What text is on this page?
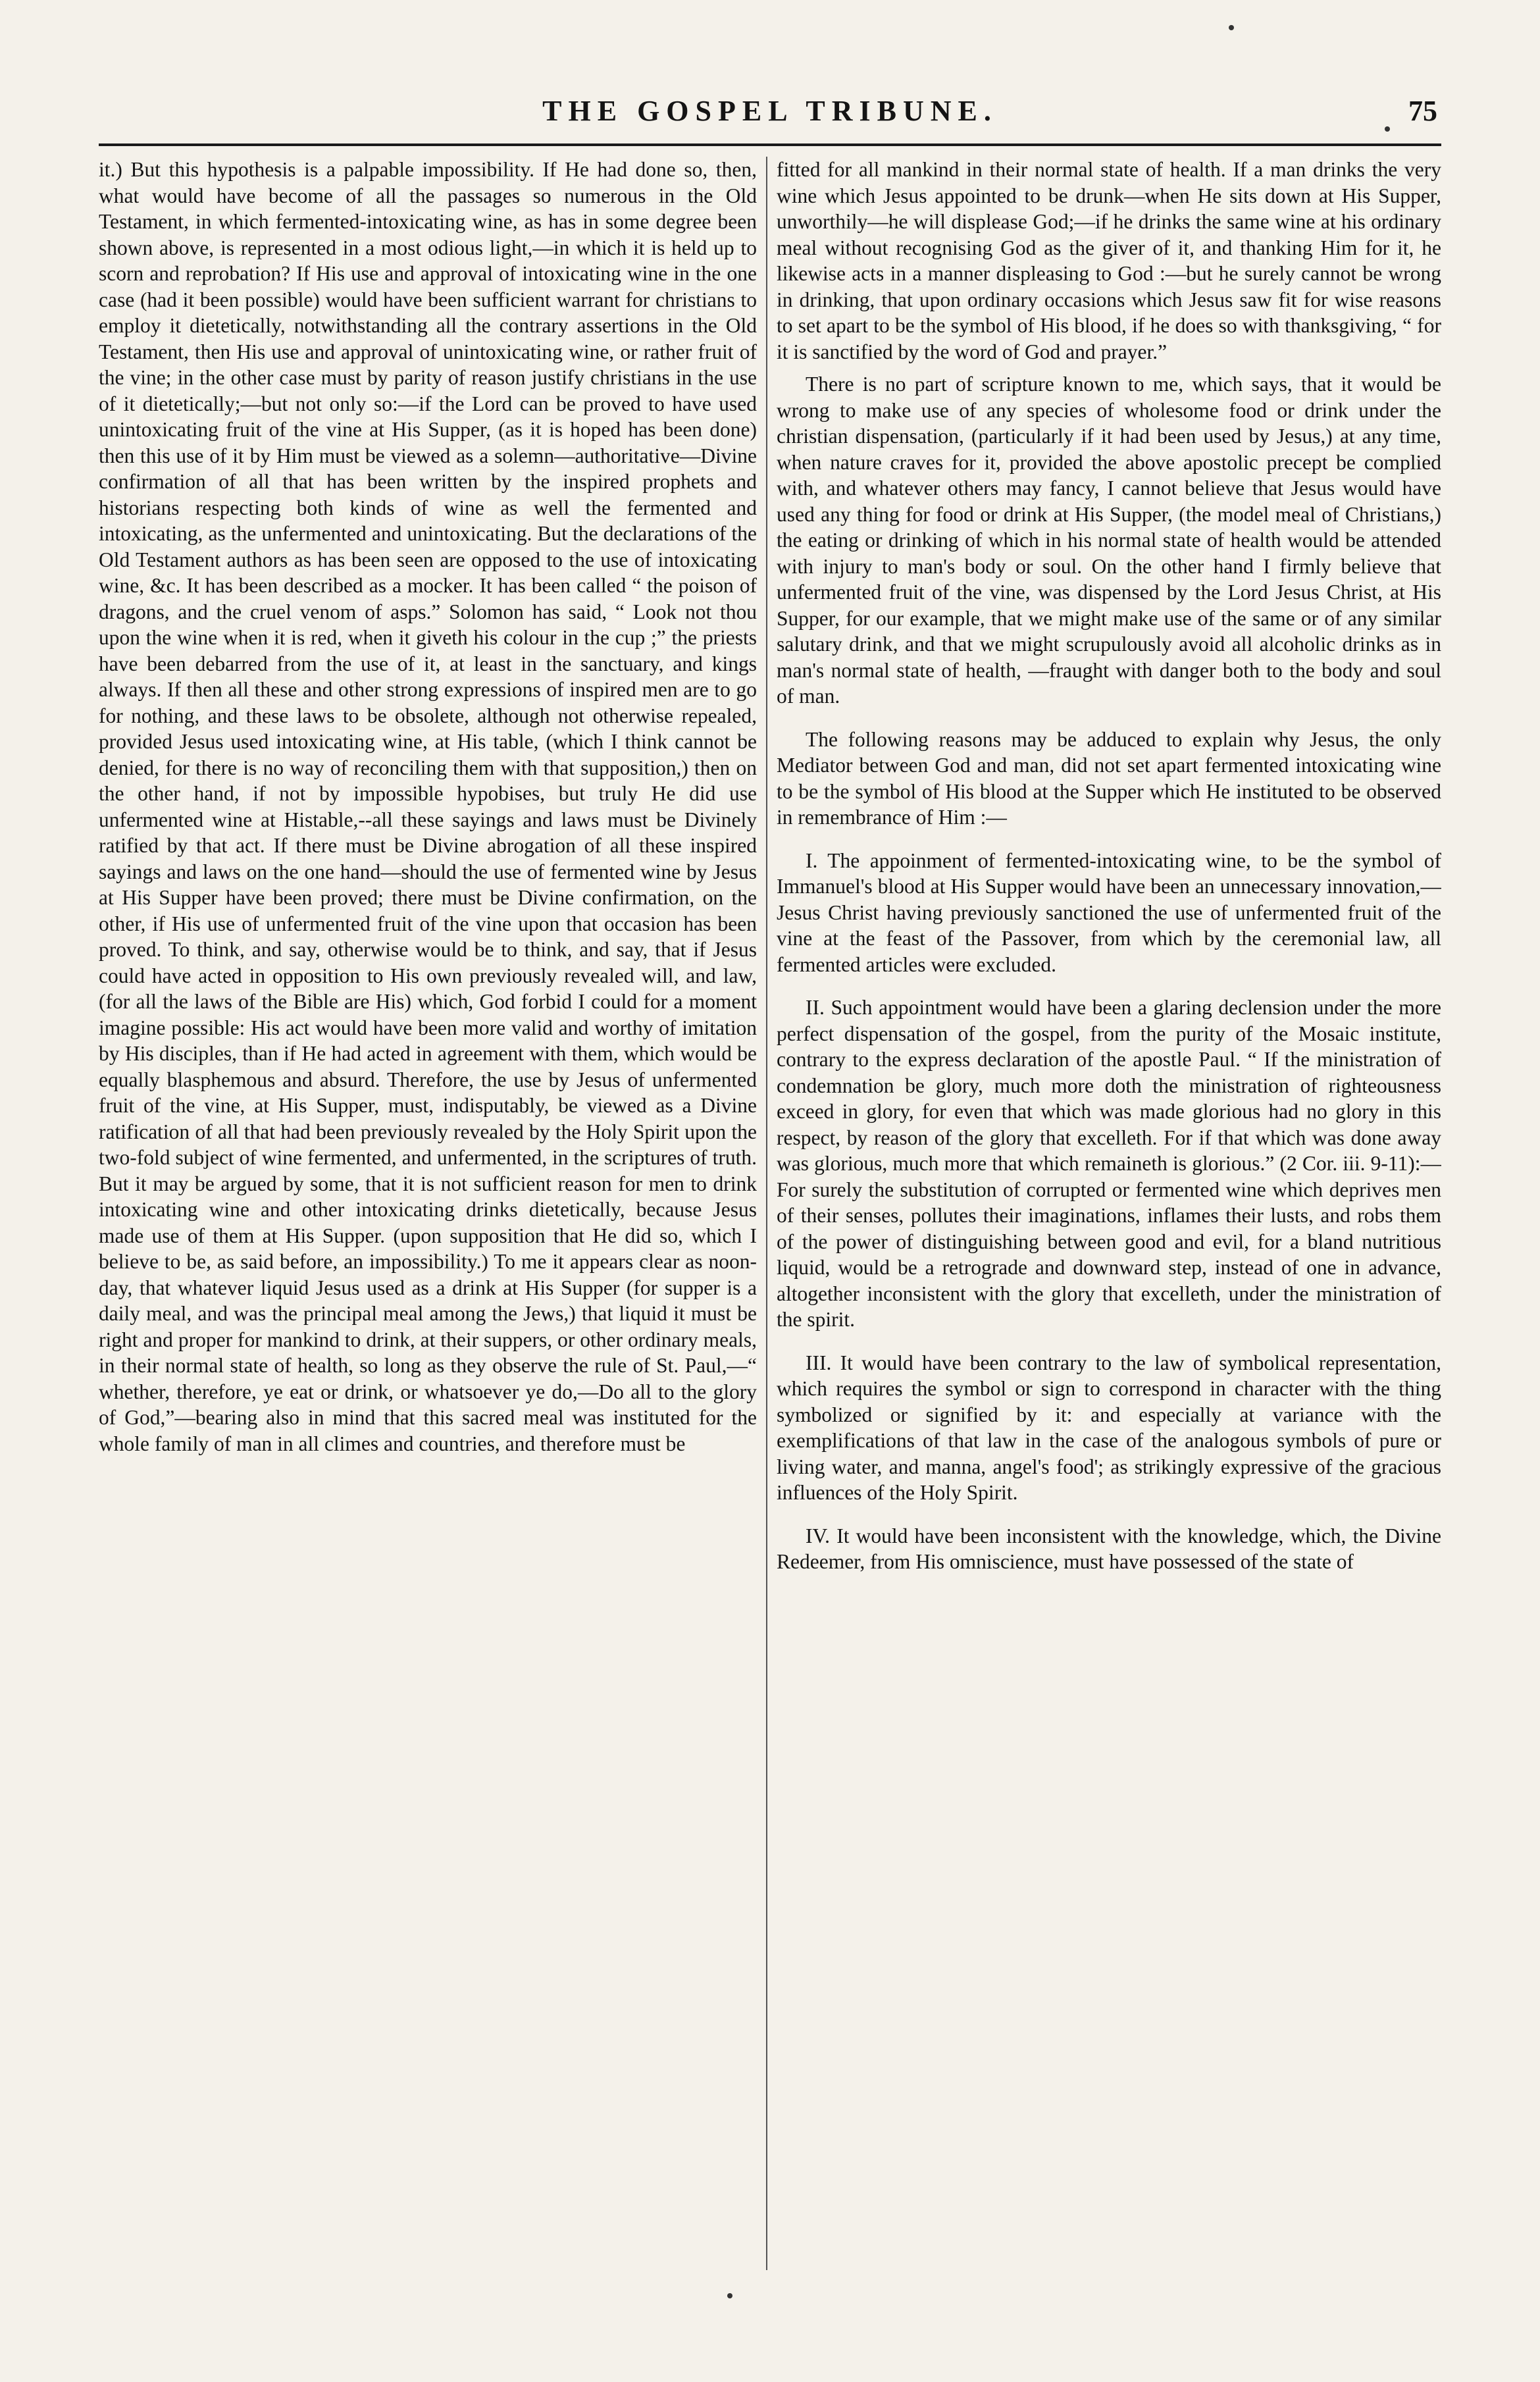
THE GOSPEL TRIBUNE.	75

it.) But this hypothesis is a palpable impossibility. If He had done so, then, what would have become of all the passages so numerous in the Old Testament, in which fermented-intoxicating wine, as has in some degree been shown above, is represented in a most odious light,—in which it is held up to scorn and reprobation? If His use and approval of intoxicating wine in the one case (had it been possible) would have been sufficient warrant for christians to employ it dietetically, notwithstanding all the contrary assertions in the Old Testament, then His use and approval of unintoxicating wine, or rather fruit of the vine; in the other case must by parity of reason justify christians in the use of it dietetically;—but not only so:—if the Lord can be proved to have used unintoxicating fruit of the vine at His Supper, (as it is hoped has been done) then this use of it by Him must be viewed as a solemn—authoritative—Divine confirmation of all that has been written by the inspired prophets and historians respecting both kinds of wine as well the fermented and intoxicating, as the unfermented and unintoxicating. But the declarations of the Old Testament authors as has been seen are opposed to the use of intoxicating wine, &c. It has been described as a mocker. It has been called “ the poison of dragons, and the cruel venom of asps.” Solomon has said, “ Look not thou upon the wine when it is red, when it giveth his colour in the cup ;” the priests have been debarred from the use of it, at least in the sanctuary, and kings always. If then all these and other strong expressions of inspired men are to go for nothing, and these laws to be obsolete, although not otherwise repealed, provided Jesus used intoxicating wine, at His table, (which I think cannot be denied, for there is no way of reconciling them with that supposition,) then on the other hand, if not by impossible hypobises, but truly He did use unfermented wine at Histable,--all these sayings and laws must be Divinely ratified by that act. If there must be Divine abrogation of all these inspired sayings and laws on the one hand—should the use of fermented wine by Jesus at His Supper have been proved; there must be Divine confirmation, on the other, if His use of unfermented fruit of the vine upon that occasion has been proved. To think, and say, otherwise would be to think, and say, that if Jesus could have acted in opposition to His own previously revealed will, and law, (for all the laws of the Bible are His) which, God forbid I could for a moment imagine possible: His act would have been more valid and worthy of imitation by His disciples, than if He had acted in agreement with them, which would be equally blasphemous and absurd. Therefore, the use by Jesus of unfermented fruit of the vine, at His Supper, must, indisputably, be viewed as a Divine ratification of all that had been previously revealed by the Holy Spirit upon the two-fold subject of wine fermented, and unfermented, in the scriptures of truth. But it may be argued by some, that it is not sufficient reason for men to drink intoxicating wine and other intoxicating drinks dietetically, because Jesus made use of them at His Supper. (upon supposition that He did so, which I believe to be, as said before, an impossibility.) To me it appears clear as noon-day, that whatever liquid Jesus used as a drink at His Supper (for supper is a daily meal, and was the principal meal among the Jews,) that liquid it must be right and proper for mankind to drink, at their suppers, or other ordinary meals, in their normal state of health, so long as they observe the rule of St. Paul,—“ whether, therefore, ye eat or drink, or whatsoever ye do,—Do all to the glory of God,”—bearing also in mind that this sacred meal was instituted for the whole family of man in all climes and countries, and therefore must be

fitted for all mankind in their normal state of health. If a man drinks the very wine which Jesus appointed to be drunk—when He sits down at His Supper, unworthily—he will displease God;—if he drinks the same wine at his ordinary meal without recognising God as the giver of it, and thanking Him for it, he likewise acts in a manner displeasing to God :—but he surely cannot be wrong in drinking, that upon ordinary occasions which Jesus saw fit for wise reasons to set apart to be the symbol of His blood, if he does so with thanksgiving, “ for it is sanctified by the word of God and prayer.”

There is no part of scripture known to me, which says, that it would be wrong to make use of any species of wholesome food or drink under the christian dispensation, (particularly if it had been used by Jesus,) at any time, when nature craves for it, provided the above apostolic precept be complied with, and whatever others may fancy, I cannot believe that Jesus would have used any thing for food or drink at His Supper, (the model meal of Christians,) the eating or drinking of which in his normal state of health would be attended with injury to man's body or soul. On the other hand I firmly believe that unfermented fruit of the vine, was dispensed by the Lord Jesus Christ, at His Supper, for our example, that we might make use of the same or of any similar salutary drink, and that we might scrupulously avoid all alcoholic drinks as in man's normal state of health, —fraught with danger both to the body and soul of man.

The following reasons may be adduced to explain why Jesus, the only Mediator between God and man, did not set apart fermented intoxicating wine to be the symbol of His blood at the Supper which He instituted to be observed in remembrance of Him :—

I. The appoinment of fermented-intoxicating wine, to be the symbol of Immanuel's blood at His Supper would have been an unnecessary innovation,—Jesus Christ having previously sanctioned the use of unfermented fruit of the vine at the feast of the Passover, from which by the ceremonial law, all fermented articles were excluded.

II. Such appointment would have been a glaring declension under the more perfect dispensation of the gospel, from the purity of the Mosaic institute, contrary to the express declaration of the apostle Paul. “ If the ministration of condemnation be glory, much more doth the ministration of righteousness exceed in glory, for even that which was made glorious had no glory in this respect, by reason of the glory that excelleth. For if that which was done away was glorious, much more that which remaineth is glorious.” (2 Cor. iii. 9-11):—For surely the substitution of corrupted or fermented wine which deprives men of their senses, pollutes their imaginations, inflames their lusts, and robs them of the power of distinguishing between good and evil, for a bland nutritious liquid, would be a retrograde and downward step, instead of one in advance, altogether inconsistent with the glory that excelleth, under the ministration of the spirit.

III. It would have been contrary to the law of symbolical representation, which requires the symbol or sign to correspond in character with the thing symbolized or signified by it: and especially at variance with the exemplifications of that law in the case of the analogous symbols of pure or living water, and manna, angel's food'; as strikingly expressive of the gracious influences of the Holy Spirit.

IV. It would have been inconsistent with the knowledge, which, the Divine Redeemer, from His omniscience, must have possessed of the state of
